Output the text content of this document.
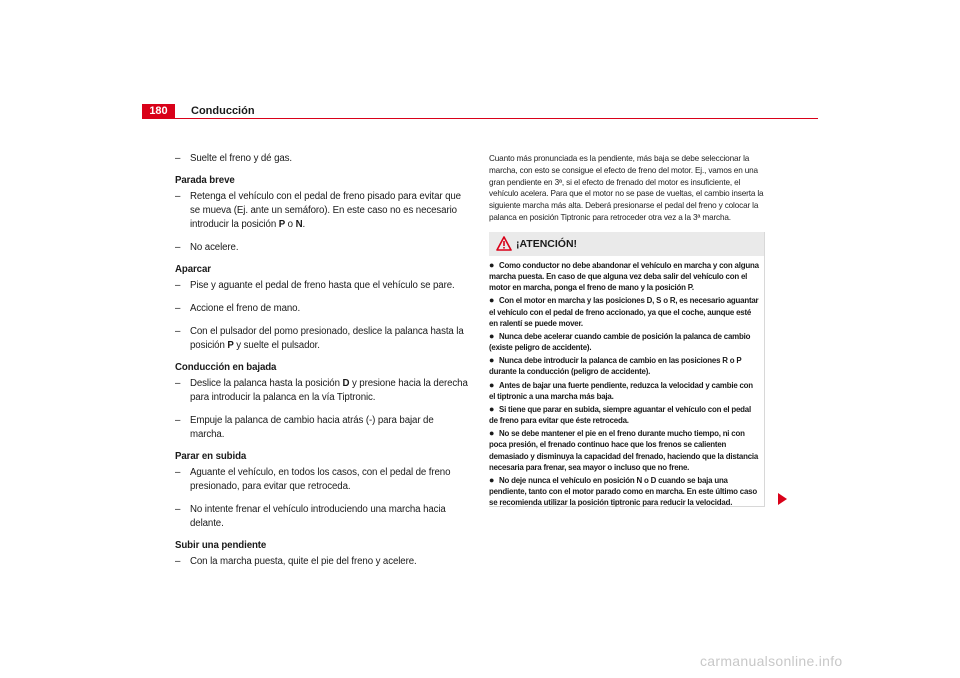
180	Conducción
– Suelte el freno y dé gas.
Parada breve
– Retenga el vehículo con el pedal de freno pisado para evitar que se mueva (Ej. ante un semáforo). En este caso no es necesario introducir la posición P o N.
– No acelere.
Aparcar
– Pise y aguante el pedal de freno hasta que el vehículo se pare.
– Accione el freno de mano.
– Con el pulsador del pomo presionado, deslice la palanca hasta la posición P y suelte el pulsador.
Conducción en bajada
– Deslice la palanca hasta la posición D y presione hacia la derecha para introducir la palanca en la vía Tiptronic.
– Empuje la palanca de cambio hacia atrás (-) para bajar de marcha.
Parar en subida
– Aguante el vehículo, en todos los casos, con el pedal de freno presionado, para evitar que retroceda.
– No intente frenar el vehículo introduciendo una marcha hacia delante.
Subir una pendiente
– Con la marcha puesta, quite el pie del freno y acelere.
Cuanto más pronunciada es la pendiente, más baja se debe seleccionar la marcha, con esto se consigue el efecto de freno del motor. Ej., vamos en una gran pendiente en 3ª, si el efecto de frenado del motor es insuficiente, el vehículo acelera. Para que el motor no se pase de vueltas, el cambio inserta la siguiente marcha más alta. Deberá presionarse el pedal del freno y colocar la palanca en posición Tiptronic para retroceder otra vez a la 3ª marcha.
¡ATENCIÓN!
● Como conductor no debe abandonar el vehículo en marcha y con alguna marcha puesta. En caso de que alguna vez deba salir del vehículo con el motor en marcha, ponga el freno de mano y la posición P.
● Con el motor en marcha y las posiciones D, S o R, es necesario aguantar el vehículo con el pedal de freno accionado, ya que el coche, aunque esté en ralentí se puede mover.
● Nunca debe acelerar cuando cambie de posición la palanca de cambio (existe peligro de accidente).
● Nunca debe introducir la palanca de cambio en las posiciones R o P durante la conducción (peligro de accidente).
● Antes de bajar una fuerte pendiente, reduzca la velocidad y cambie con el tiptronic a una marcha más baja.
● Si tiene que parar en subida, siempre aguantar el vehículo con el pedal de freno para evitar que éste retroceda.
● No se debe mantener el pie en el freno durante mucho tiempo, ni con poca presión, el frenado continuo hace que los frenos se calienten demasiado y disminuya la capacidad del frenado, haciendo que la distancia necesaria para frenar, sea mayor o incluso que no frene.
● No deje nunca el vehículo en posición N o D cuando se baja una pendiente, tanto con el motor parado como en marcha. En este último caso se recomienda utilizar la posición tiptronic para reducir la velocidad.
carmanualsonline.info
